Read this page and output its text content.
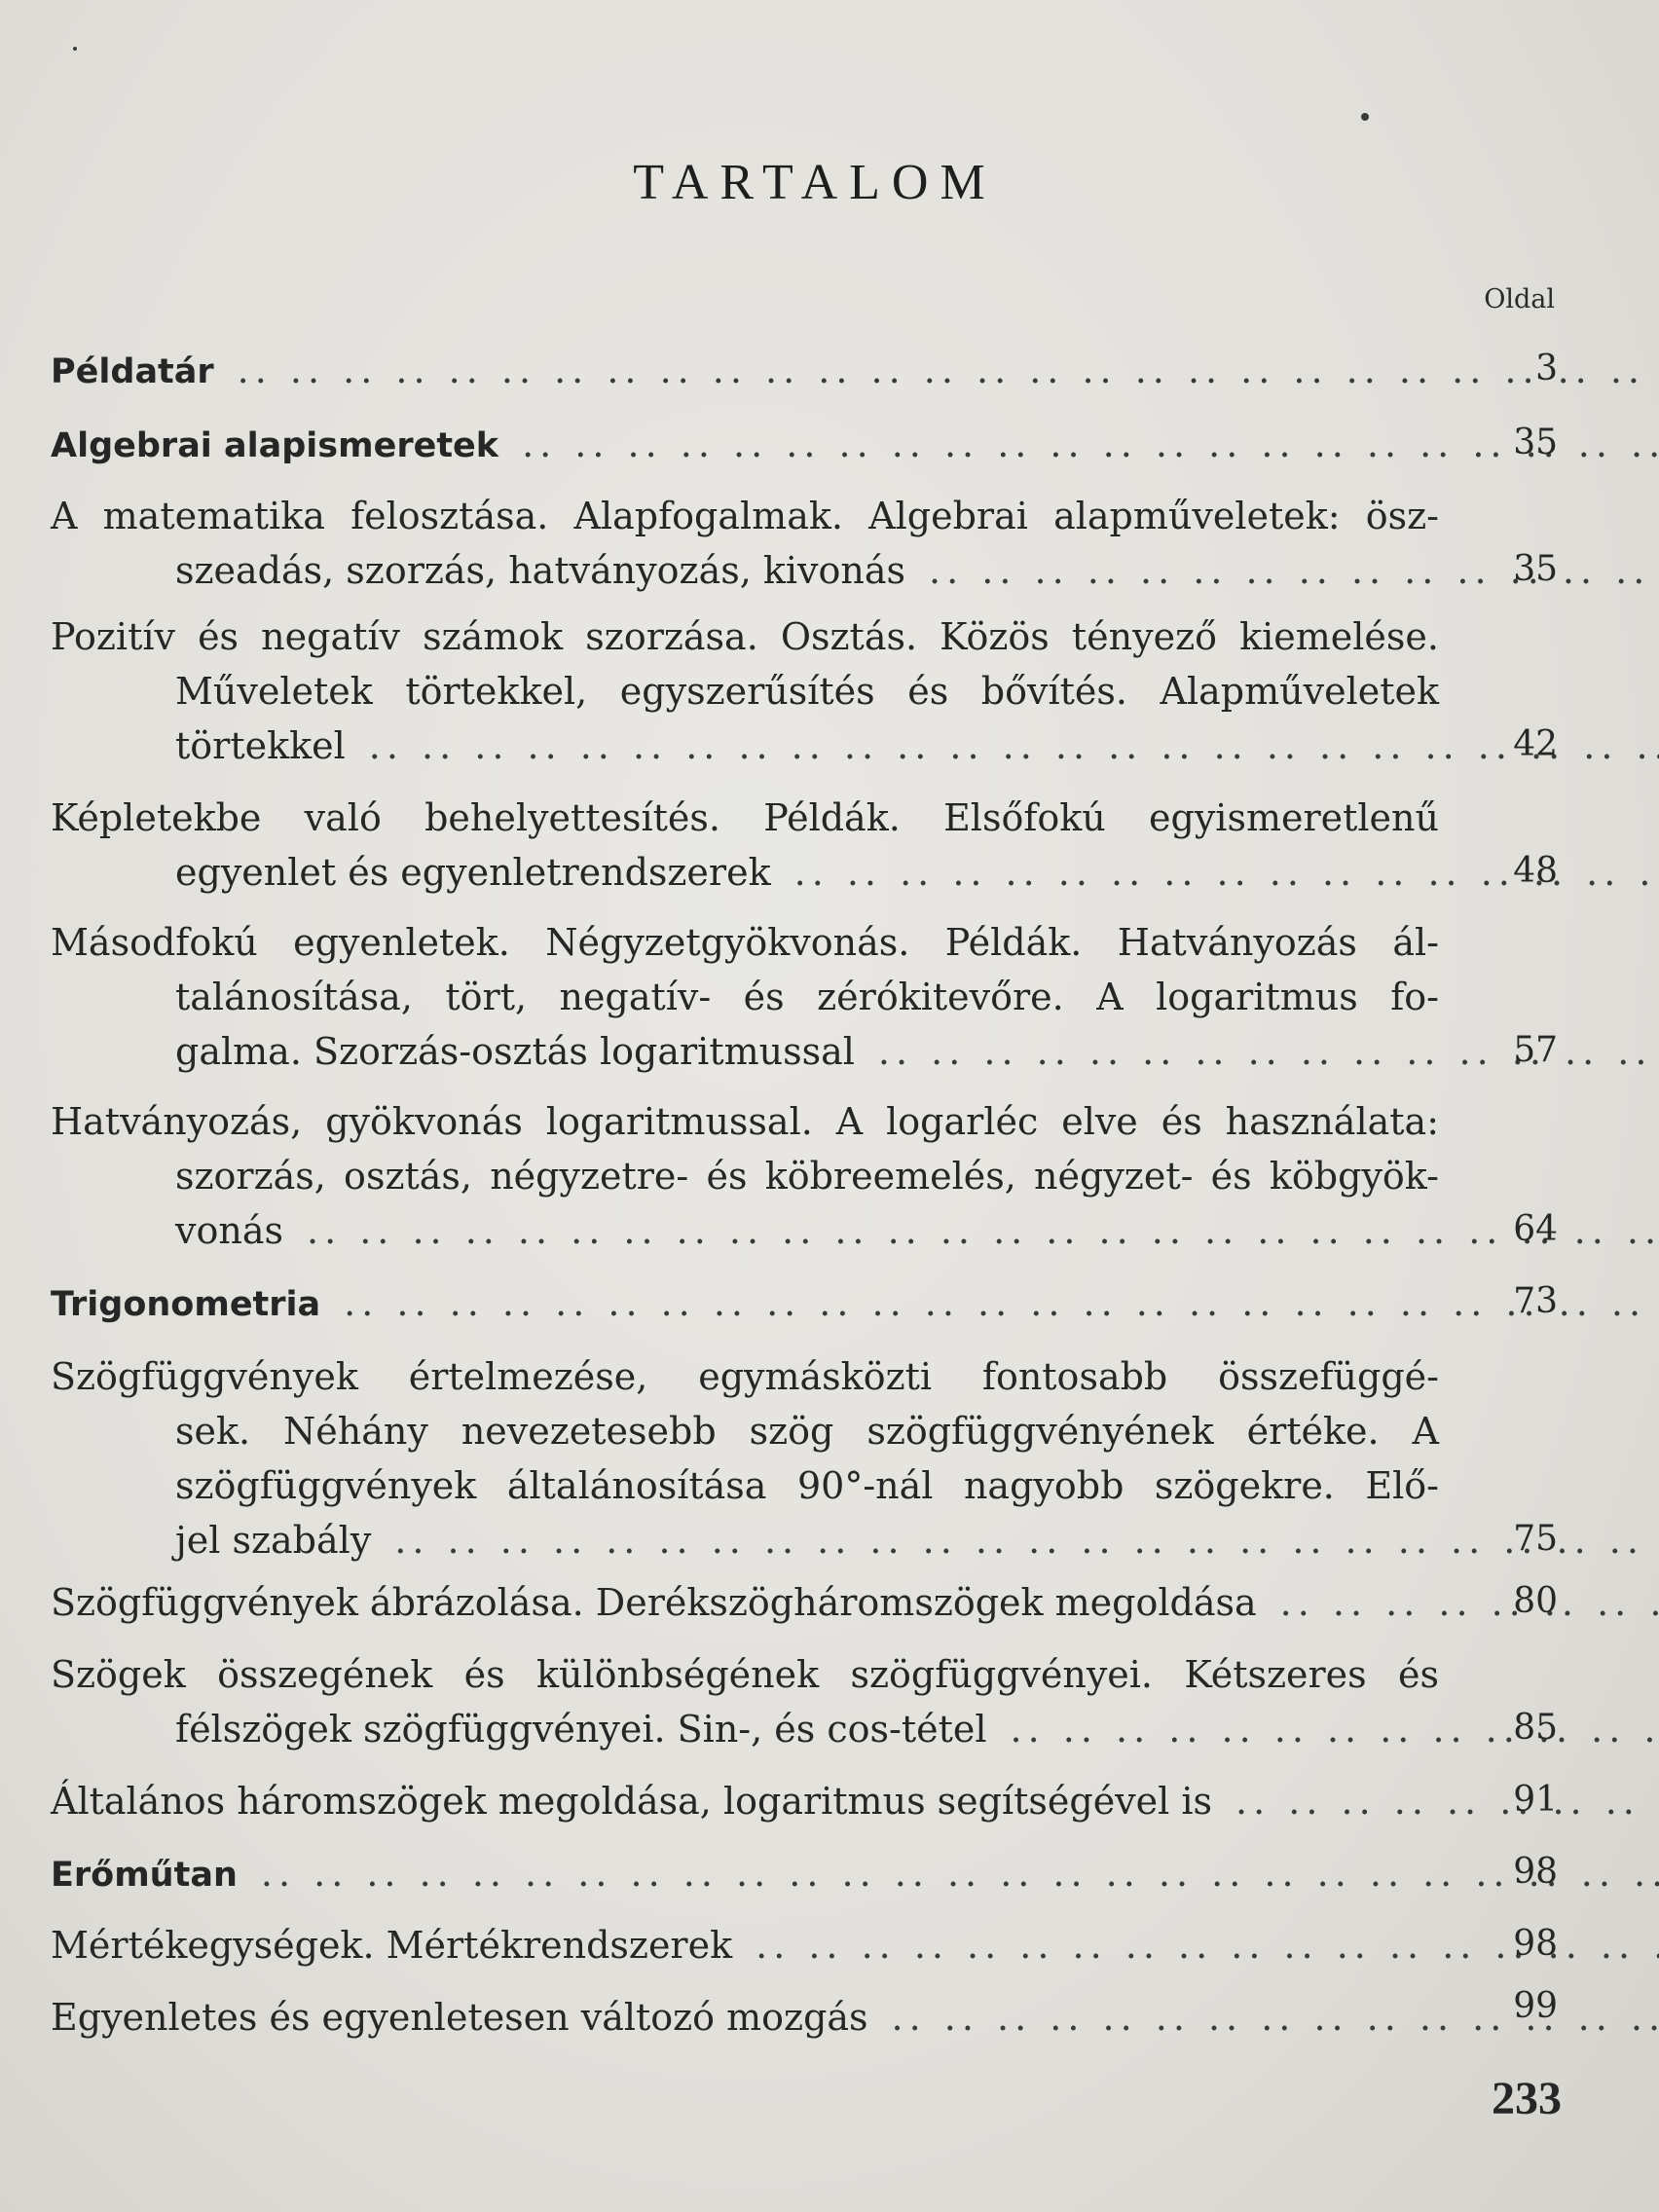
TARTALOM
Oldal
Példatár .. ..	3
Algebrai alapismeretek .. ..	35
A matematika felosztása. Alapfogalmak. Algebrai alapműveletek: ösz-
szeadás, szorzás, hatványozás, kivonás .. ..	35
Pozitív és negatív számok szorzása. Osztás. Közös tényező kiemelése.
Műveletek törtekkel, egyszerűsítés és bővítés. Alapműveletek
törtekkel .. ..	42
Képletekbe való behelyettesítés. Példák. Elsőfokú egyismeretlenű
egyenlet és egyenletrendszerek .. ..	48
Másodfokú egyenletek. Négyzetgyökvonás. Példák. Hatványozás ál-
talánosítása, tört, negatív- és zérókitevőre. A logaritmus fo-
galma. Szorzás-osztás logaritmussal .. ..	57
Hatványozás, gyökvonás logaritmussal. A logarléc elve és használata:
szorzás, osztás, négyzetre- és köbreemelés, négyzet- és köbgyök-
vonás .. ..	64
Trigonometria .. ..	73
Szögfüggvények értelmezése, egymásközti fontosabb összefüggé-
sek. Néhány nevezetesebb szög szögfüggvényének értéke. A
szögfüggvények általánosítása 90°-nál nagyobb szögekre. Elő-
jel szabály .. ..	75
Szögfüggvények ábrázolása. Derékszögháromszögek megoldása .. ..	80
Szögek összegének és különbségének szögfüggvényei. Kétszeres és
félszögek szögfüggvényei. Sin-, és cos-tétel .. ..	85
Általános háromszögek megoldása, logaritmus segítségével is .. ..	91
Erőműtan .. ..	98
Mértékegységek. Mértékrendszerek .. ..	98
Egyenletes és egyenletesen változó mozgás .. ..	99
233
